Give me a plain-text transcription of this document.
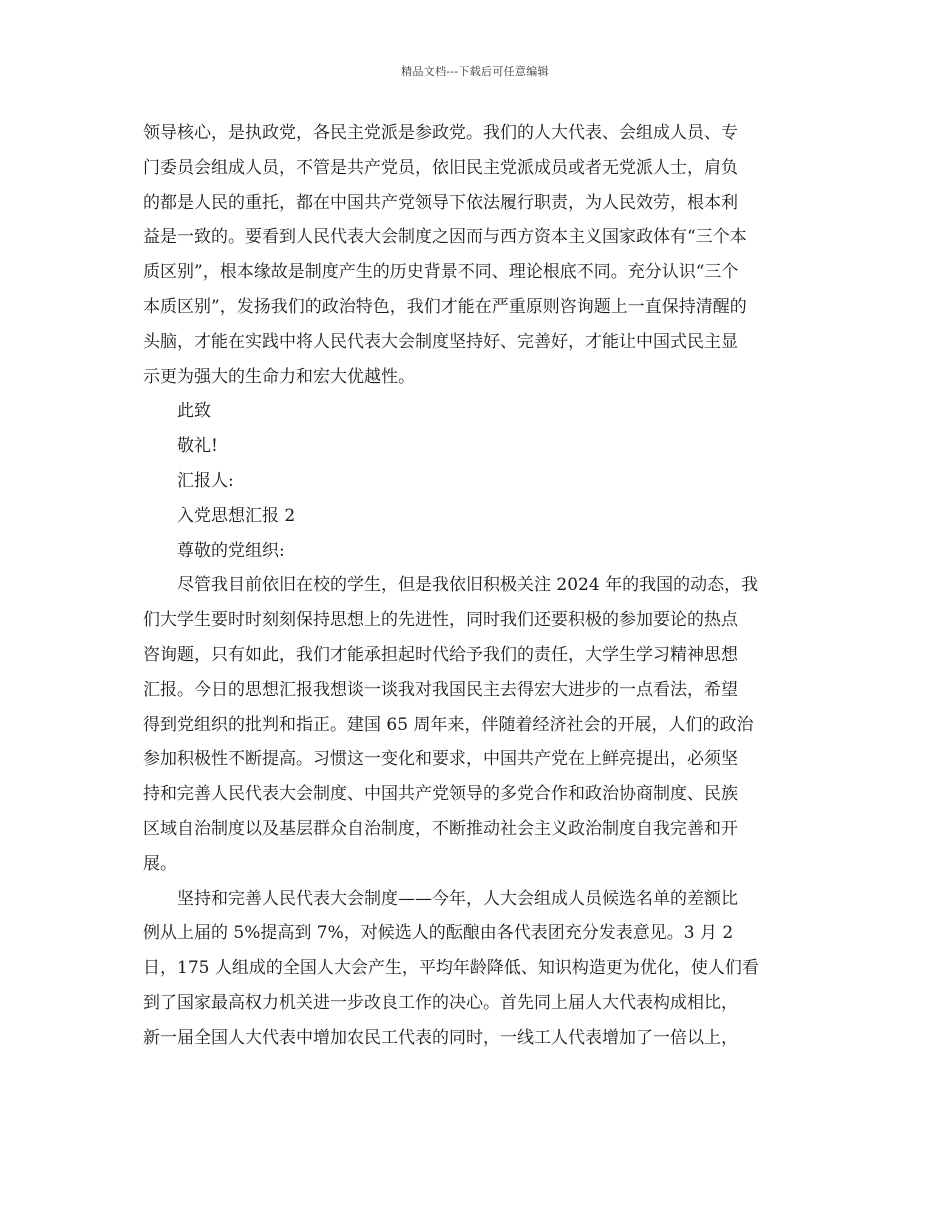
精品文档---下载后可任意编辑
领导核心，是执政党，各民主党派是参政党。我们的人大代表、会组成人员、专
门委员会组成人员，不管是共产党员，依旧民主党派成员或者无党派人士，肩负
的都是人民的重托，都在中国共产党领导下依法履行职责，为人民效劳，根本利
益是一致的。要看到人民代表大会制度之因而与西方资本主义国家政体有“三个本
质区别”，根本缘故是制度产生的历史背景不同、理论根底不同。充分认识“三个
本质区别”，发扬我们的政治特色，我们才能在严重原则咨询题上一直保持清醒的
头脑，才能在实践中将人民代表大会制度坚持好、完善好，才能让中国式民主显
示更为强大的生命力和宏大优越性。
此致
敬礼!
汇报人:
入党思想汇报 2
尊敬的党组织:
尽管我目前依旧在校的学生，但是我依旧积极关注 2024 年的我国的动态，我
们大学生要时时刻刻保持思想上的先进性，同时我们还要积极的参加要论的热点
咨询题，只有如此，我们才能承担起时代给予我们的责任，大学生学习精神思想
汇报。今日的思想汇报我想谈一谈我对我国民主去得宏大进步的一点看法，希望
得到党组织的批判和指正。建国 65 周年来，伴随着经济社会的开展，人们的政治
参加积极性不断提高。习惯这一变化和要求，中国共产党在上鲜亮提出，必须坚
持和完善人民代表大会制度、中国共产党领导的多党合作和政治协商制度、民族
区域自治制度以及基层群众自治制度，不断推动社会主义政治制度自我完善和开
展。
坚持和完善人民代表大会制度——今年，人大会组成人员候选名单的差额比
例从上届的 5%提高到 7%，对候选人的酝酿由各代表团充分发表意见。3 月 2
日，175 人组成的全国人大会产生，平均年龄降低、知识构造更为优化，使人们看
到了国家最高权力机关进一步改良工作的决心。首先同上届人大代表构成相比，
新一届全国人大代表中增加农民工代表的同时，一线工人代表增加了一倍以上，
